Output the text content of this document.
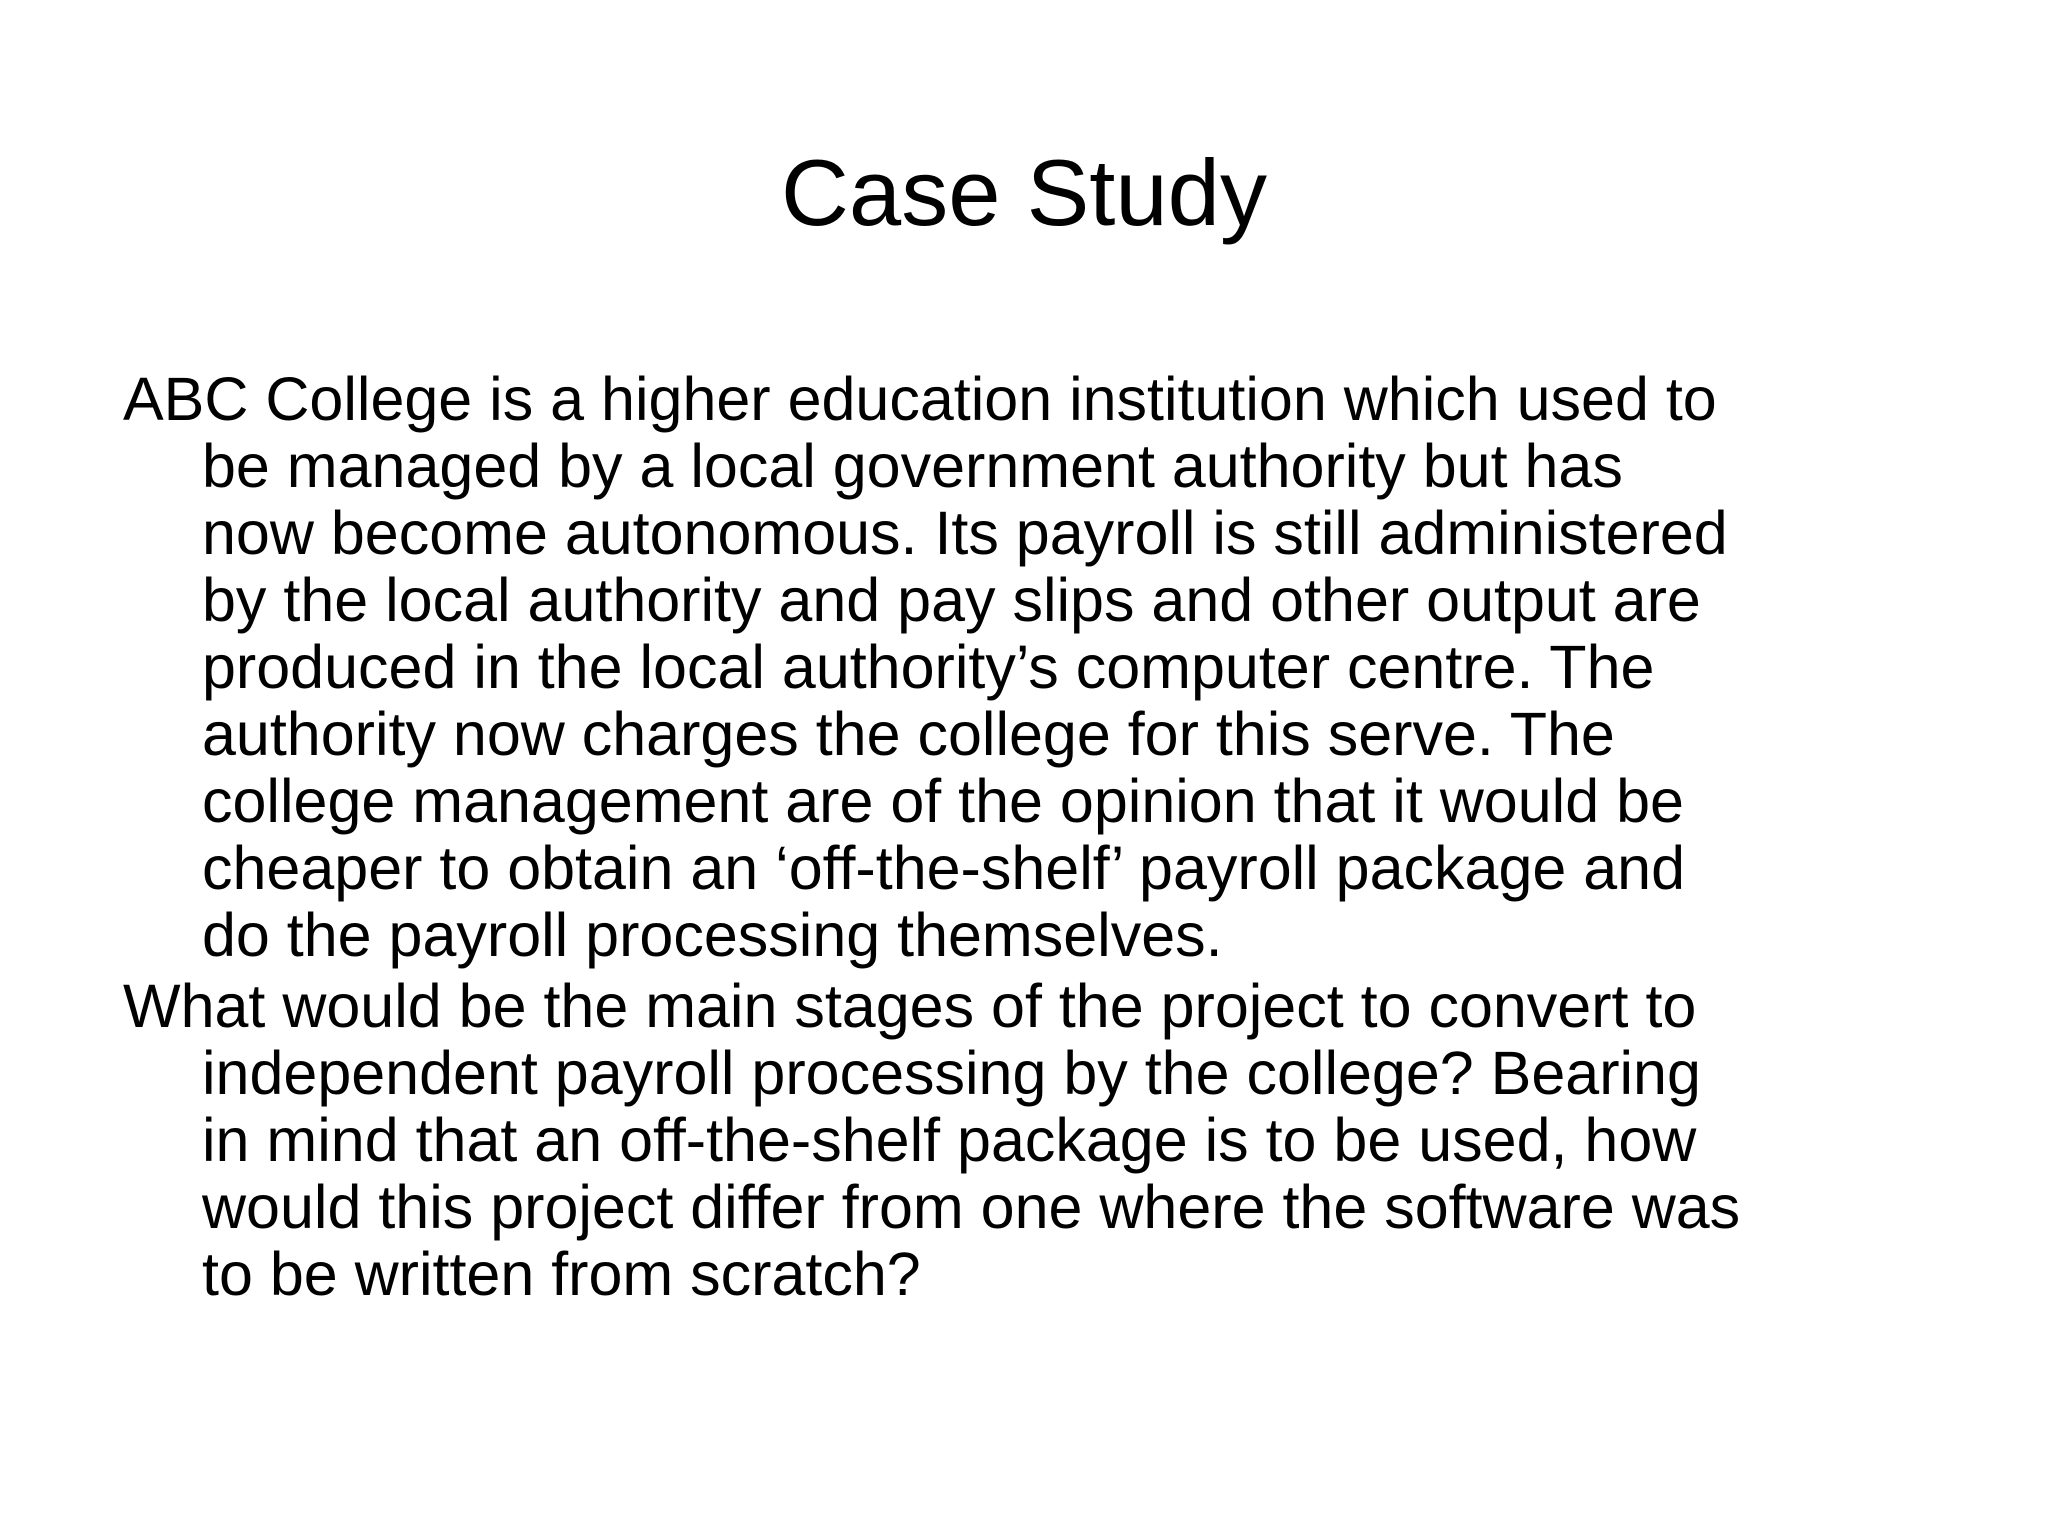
Case Study

ABC College is a higher education institution which used to
be managed by a local government authority but has
now become autonomous. Its payroll is still administered
by the local authority and pay slips and other output are
produced in the local authority’s computer centre. The
authority now charges the college for this serve. The
college management are of the opinion that it would be
cheaper to obtain an ‘off-the-shelf’ payroll package and
do the payroll processing themselves.

What would be the main stages of the project to convert to
independent payroll processing by the college? Bearing
in mind that an off-the-shelf package is to be used, how
would this project differ from one where the software was
to be written from scratch?
